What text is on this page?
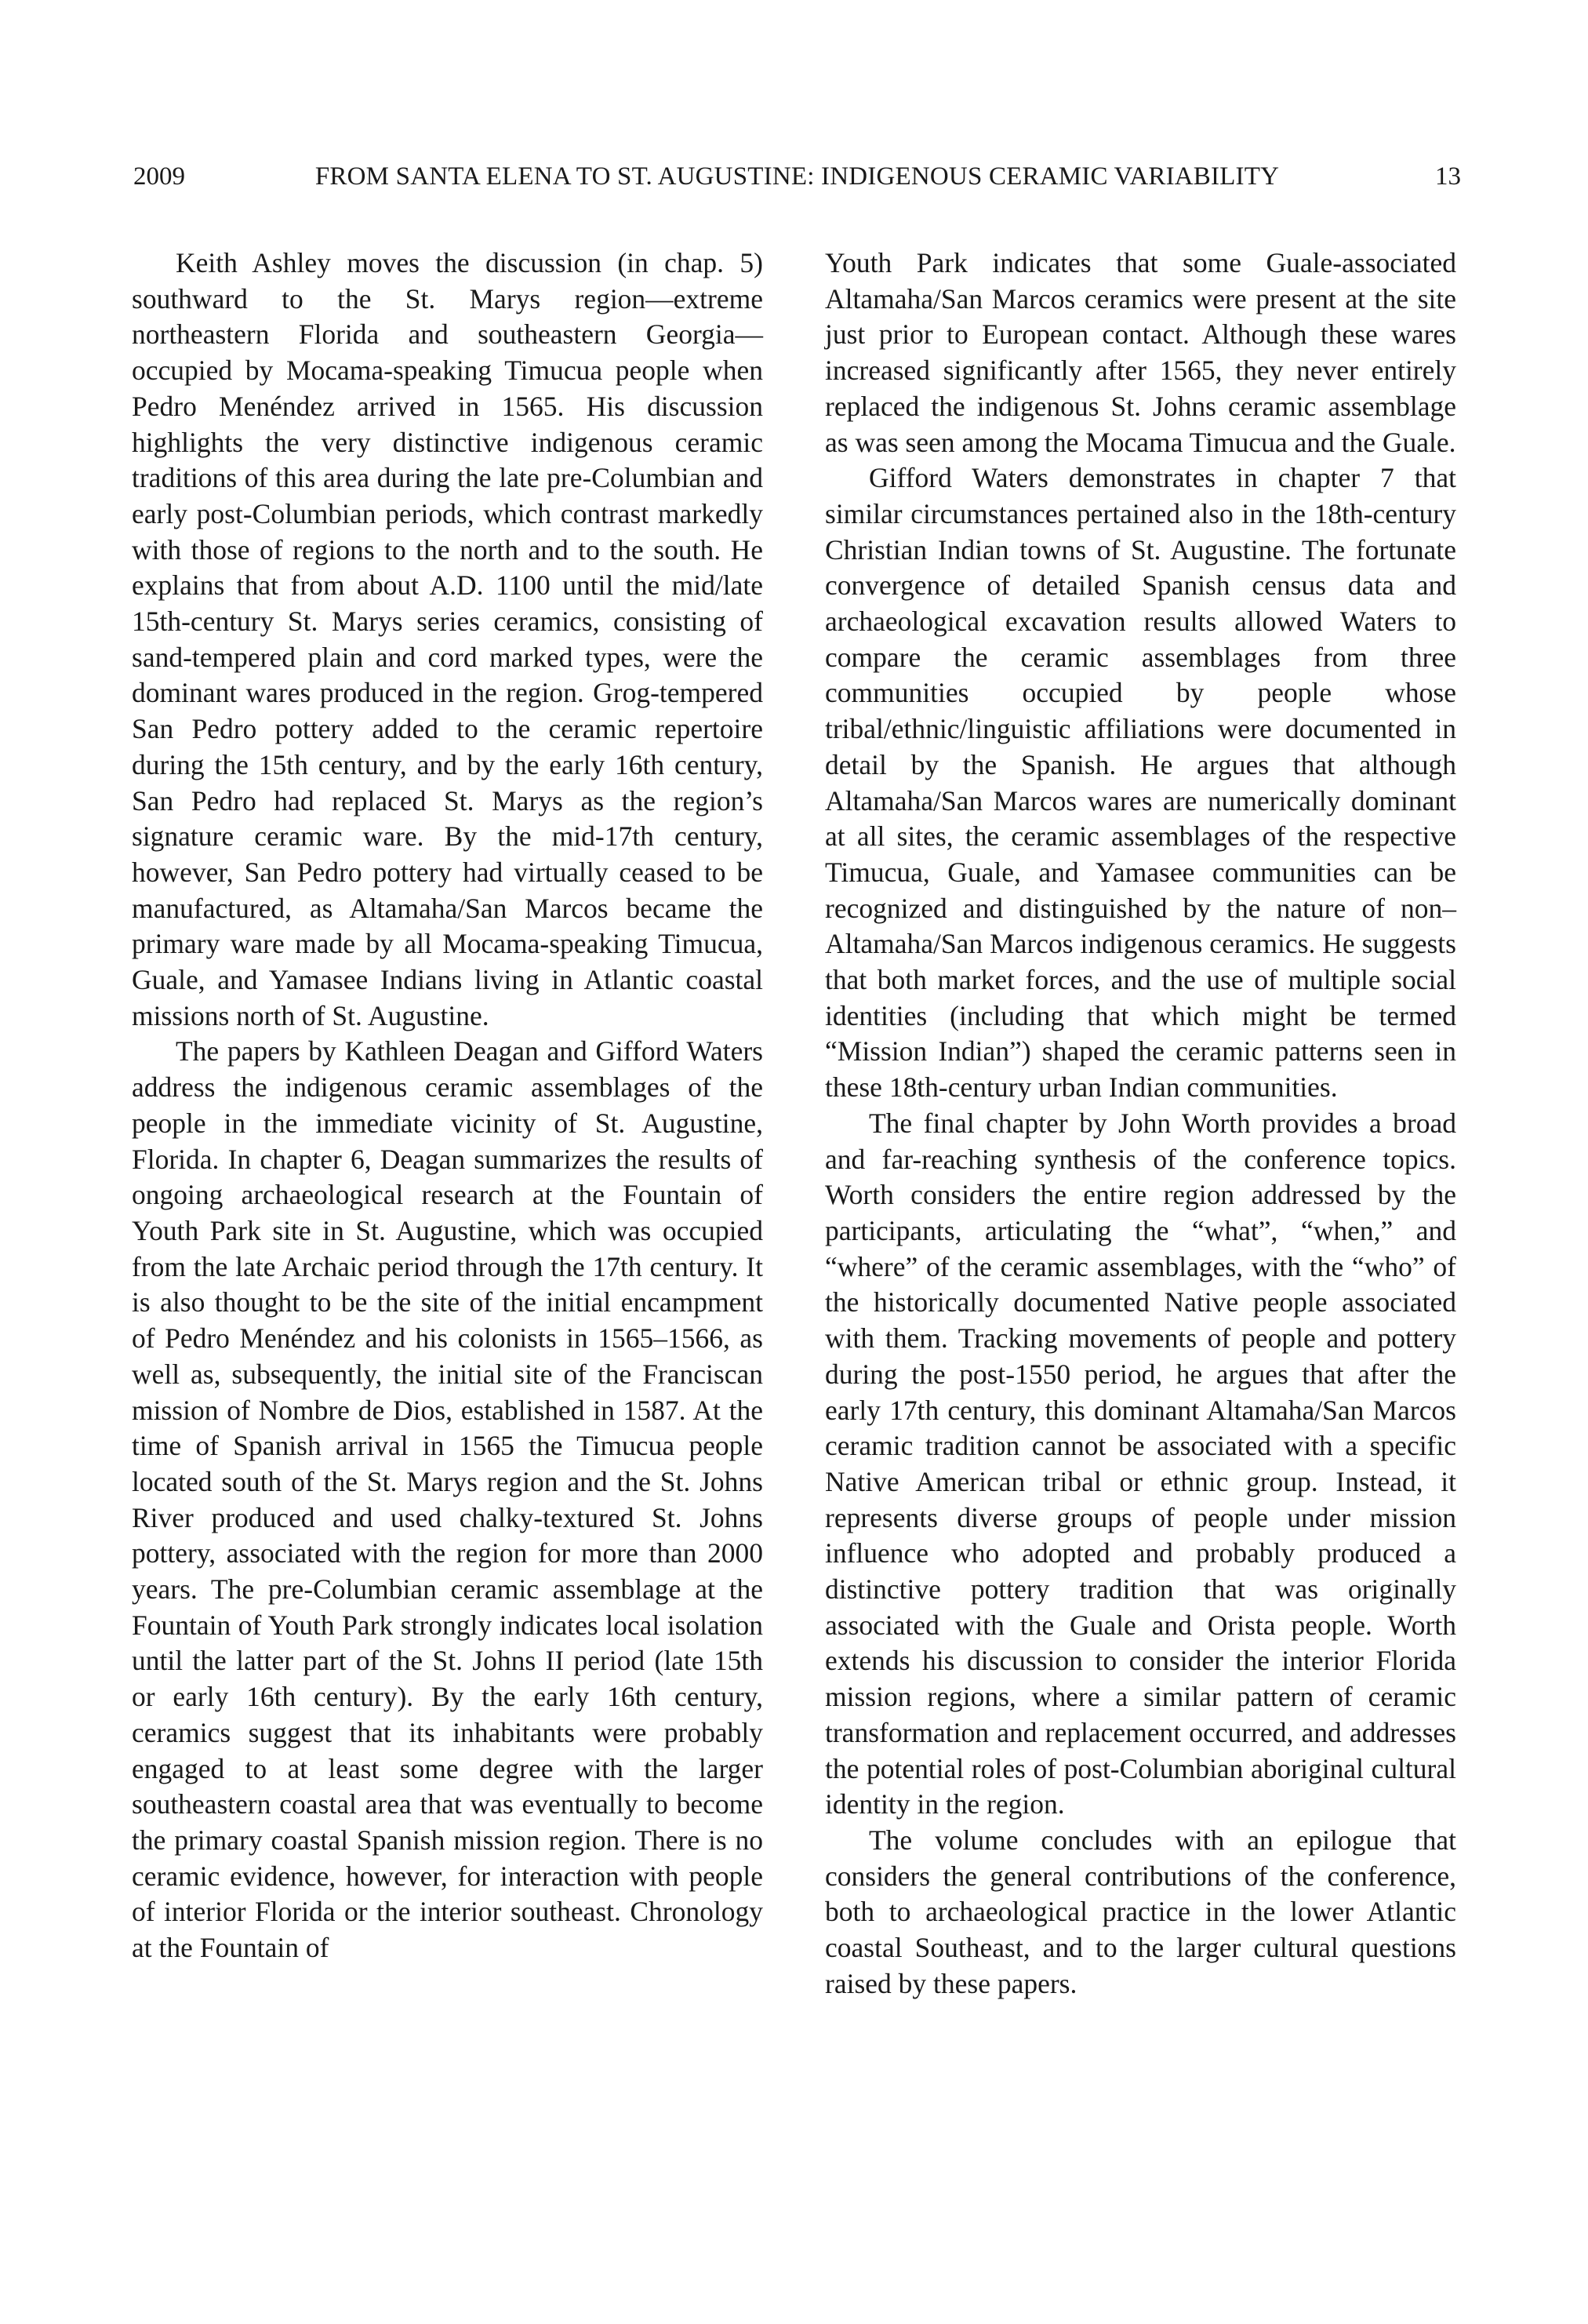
2009	FROM SANTA ELENA TO ST. AUGUSTINE: INDIGENOUS CERAMIC VARIABILITY	13

Keith Ashley moves the discussion (in chap. 5) southward to the St. Marys region—extreme northeastern Florida and southeastern Georgia—occupied by Mocama-speaking Timucua people when Pedro Menéndez arrived in 1565. His discussion highlights the very distinctive indigenous ceramic traditions of this area during the late pre-Columbian and early post-Columbian periods, which contrast markedly with those of regions to the north and to the south. He explains that from about A.D. 1100 until the mid/late 15th-century St. Marys series ceramics, consisting of sand-tempered plain and cord marked types, were the dominant wares produced in the region. Grog-tempered San Pedro pottery added to the ceramic repertoire during the 15th century, and by the early 16th century, San Pedro had replaced St. Marys as the region’s signature ceramic ware. By the mid-17th century, however, San Pedro pottery had virtually ceased to be manufactured, as Altamaha/San Marcos became the primary ware made by all Mocama-speaking Timucua, Guale, and Yamasee Indians living in Atlantic coastal missions north of St. Augustine.

The papers by Kathleen Deagan and Gifford Waters address the indigenous ceramic assemblages of the people in the immediate vicinity of St. Augustine, Florida. In chapter 6, Deagan summarizes the results of ongoing archaeological research at the Fountain of Youth Park site in St. Augustine, which was occupied from the late Archaic period through the 17th century. It is also thought to be the site of the initial encampment of Pedro Menéndez and his colonists in 1565–1566, as well as, subsequently, the initial site of the Franciscan mission of Nombre de Dios, established in 1587. At the time of Spanish arrival in 1565 the Timucua people located south of the St. Marys region and the St. Johns River produced and used chalky-textured St. Johns pottery, associated with the region for more than 2000 years. The pre-Columbian ceramic assemblage at the Fountain of Youth Park strongly indicates local isolation until the latter part of the St. Johns II period (late 15th or early 16th century). By the early 16th century, ceramics suggest that its inhabitants were probably engaged to at least some degree with the larger southeastern coastal area that was eventually to become the primary coastal Spanish mission region. There is no ceramic evidence, however, for interaction with people of interior Florida or the interior southeast. Chronology at the Fountain of

Youth Park indicates that some Guale-associated Altamaha/San Marcos ceramics were present at the site just prior to European contact. Although these wares increased significantly after 1565, they never entirely replaced the indigenous St. Johns ceramic assemblage as was seen among the Mocama Timucua and the Guale.

Gifford Waters demonstrates in chapter 7 that similar circumstances pertained also in the 18th-century Christian Indian towns of St. Augustine. The fortunate convergence of detailed Spanish census data and archaeological excavation results allowed Waters to compare the ceramic assemblages from three communities occupied by people whose tribal/ethnic/linguistic affiliations were documented in detail by the Spanish. He argues that although Altamaha/San Marcos wares are numerically dominant at all sites, the ceramic assemblages of the respective Timucua, Guale, and Yamasee communities can be recognized and distinguished by the nature of non–Altamaha/San Marcos indigenous ceramics. He suggests that both market forces, and the use of multiple social identities (including that which might be termed “Mission Indian”) shaped the ceramic patterns seen in these 18th-century urban Indian communities.

The final chapter by John Worth provides a broad and far-reaching synthesis of the conference topics. Worth considers the entire region addressed by the participants, articulating the “what”, “when,” and “where” of the ceramic assemblages, with the “who” of the historically documented Native people associated with them. Tracking movements of people and pottery during the post-1550 period, he argues that after the early 17th century, this dominant Altamaha/San Marcos ceramic tradition cannot be associated with a specific Native American tribal or ethnic group. Instead, it represents diverse groups of people under mission influence who adopted and probably produced a distinctive pottery tradition that was originally associated with the Guale and Orista people. Worth extends his discussion to consider the interior Florida mission regions, where a similar pattern of ceramic transformation and replacement occurred, and addresses the potential roles of post-Columbian aboriginal cultural identity in the region.

The volume concludes with an epilogue that considers the general contributions of the conference, both to archaeological practice in the lower Atlantic coastal Southeast, and to the larger cultural questions raised by these papers.
